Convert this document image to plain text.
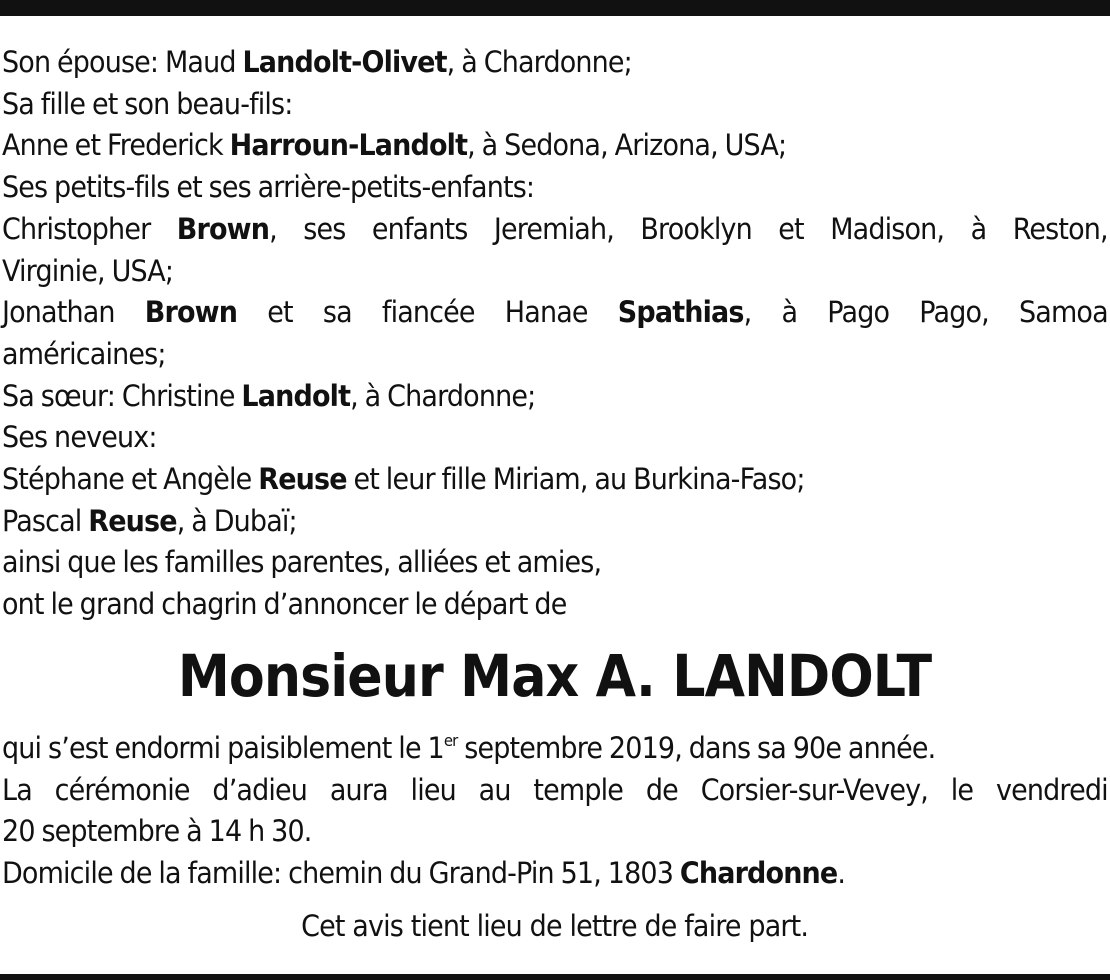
Son épouse: Maud Landolt-Olivet, à Chardonne;
Sa fille et son beau-fils:
Anne et Frederick Harroun-Landolt, à Sedona, Arizona, USA;
Ses petits-fils et ses arrière-petits-enfants:
Christopher Brown, ses enfants Jeremiah, Brooklyn et Madison, à Reston,
Virginie, USA;
Jonathan Brown et sa fiancée Hanae Spathias, à Pago Pago, Samoa
américaines;
Sa sœur: Christine Landolt, à Chardonne;
Ses neveux:
Stéphane et Angèle Reuse et leur fille Miriam, au Burkina-Faso;
Pascal Reuse, à Dubaï;
ainsi que les familles parentes, alliées et amies,
ont le grand chagrin d’annoncer le départ de
Monsieur Max A. LANDOLT
qui s’est endormi paisiblement le 1er septembre 2019, dans sa 90e année.
La cérémonie d’adieu aura lieu au temple de Corsier-sur-Vevey, le vendredi
20 septembre à 14 h 30.
Domicile de la famille: chemin du Grand-Pin 51, 1803 Chardonne.
Cet avis tient lieu de lettre de faire part.
